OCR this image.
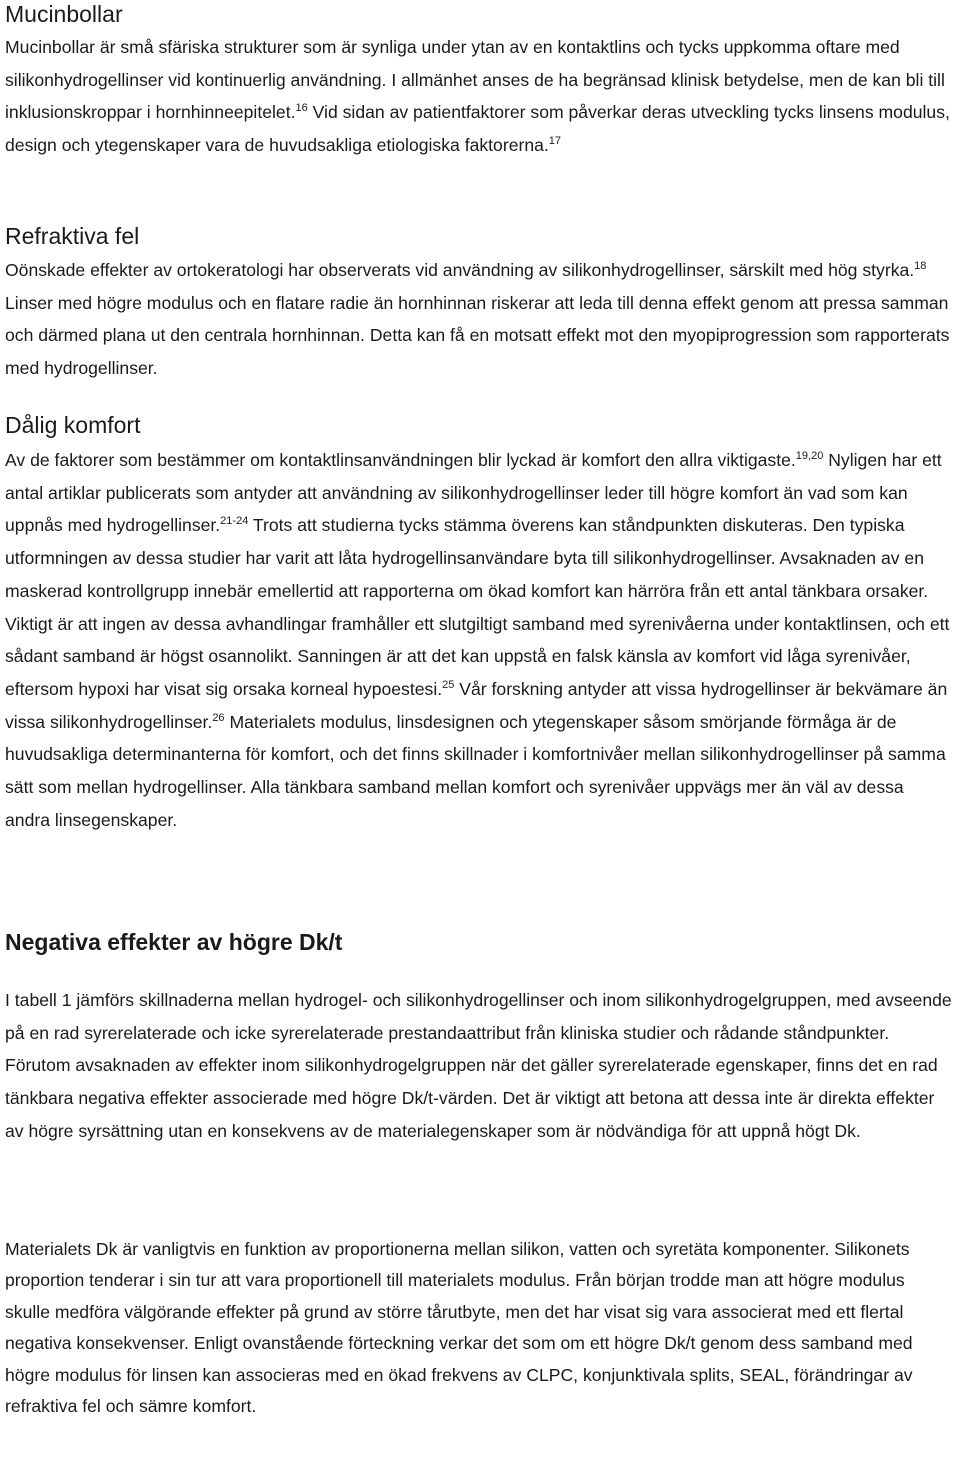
Mucinbollar

Mucinbollar är små sfäriska strukturer som är synliga under ytan av en kontaktlins och tycks uppkomma oftare med silikonhydrogellinser vid kontinuerlig användning. I allmänhet anses de ha begränsad klinisk betydelse, men de kan bli till inklusionskroppar i hornhinneepitelet.$^{16}$ Vid sidan av patientfaktorer som påverkar deras utveckling tycks linsens modulus, design och ytegenskaper vara de huvudsakliga etiologiska faktorerna.$^{17}$

Refraktiva fel

Oönskade effekter av ortokeratologi har observerats vid användning av silikonhydrogellinser, särskilt med hög styrka.$^{18}$ Linser med högre modulus och en flatare radie än hornhinnan riskerar att leda till denna effekt genom att pressa samman och därmed plana ut den centrala hornhinnan. Detta kan få en motsatt effekt mot den myopiprogression som rapporterats med hydrogellinser.

Dålig komfort

Av de faktorer som bestämmer om kontaktlinsanvändningen blir lyckad är komfort den allra viktigaste.$^{19,20}$ Nyligen har ett antal artiklar publicerats som antyder att användning av silikonhydrogellinser leder till högre komfort än vad som kan uppnås med hydrogellinser.$^{21-24}$ Trots att studierna tycks stämma överens kan ståndpunkten diskuteras. Den typiska utformningen av dessa studier har varit att låta hydrogellinsanvändare byta till silikonhydrogellinser. Avsaknaden av en maskerad kontrollgrupp innebär emellertid att rapporterna om ökad komfort kan härröra från ett antal tänkbara orsaker. Viktigt är att ingen av dessa avhandlingar framhåller ett slutgiltigt samband med syrenivåerna under kontaktlinsen, och ett sådant samband är högst osannolikt. Sanningen är att det kan uppstå en falsk känsla av komfort vid låga syrenivåer, eftersom hypoxi har visat sig orsaka korneal hypoestesi.$^{25}$ Vår forskning antyder att vissa hydrogellinser är bekvämare än vissa silikonhydrogellinser.$^{26}$ Materialets modulus, linsdesignen och ytegenskaper såsom smörjande förmåga är de huvudsakliga determinanterna för komfort, och det finns skillnader i komfortnivåer mellan silikonhydrogellinser på samma sätt som mellan hydrogellinser. Alla tänkbara samband mellan komfort och syrenivåer uppvägs mer än väl av dessa andra linsegenskaper.

Negativa effekter av högre Dk/t

I tabell 1 jämförs skillnaderna mellan hydrogel- och silikonhydrogellinser och inom silikonhydrogelgruppen, med avseende på en rad syrerelaterade och icke syrerelaterade prestandaattribut från kliniska studier och rådande ståndpunkter. Förutom avsaknaden av effekter inom silikonhydrogelgruppen när det gäller syrerelaterade egenskaper, finns det en rad tänkbara negativa effekter associerade med högre Dk/t-värden. Det är viktigt att betona att dessa inte är direkta effekter av högre syrsättning utan en konsekvens av de materialegenskaper som är nödvändiga för att uppnå högt Dk.

Materialets Dk är vanligtvis en funktion av proportionerna mellan silikon, vatten och syretäta komponenter. Silikonets proportion tenderar i sin tur att vara proportionell till materialets modulus. Från början trodde man att högre modulus skulle medföra välgörande effekter på grund av större tårutbyte, men det har visat sig vara associerat med ett flertal negativa konsekvenser. Enligt ovanstående förteckning verkar det som om ett högre Dk/t genom dess samband med högre modulus för linsen kan associeras med en ökad frekvens av CLPC, konjunktivala splits, SEAL, förändringar av refraktiva fel och sämre komfort.
